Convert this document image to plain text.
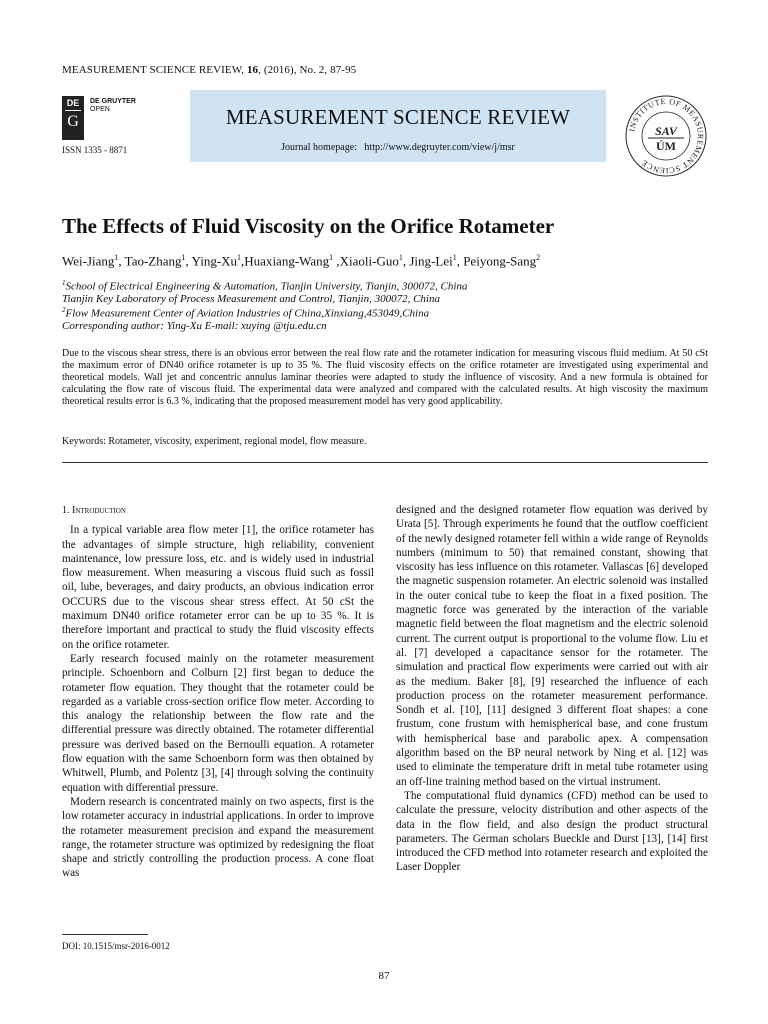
MEASUREMENT SCIENCE REVIEW, 16, (2016), No. 2, 87-95
DE
G
DE GRUYTER
OPEN
ISSN 1335 - 8871
MEASUREMENT SCIENCE REVIEW
Journal homepage: http://www.degruyter.com/view/j/msr
INSTITUTE OF MEASUREMENT SCIENCE
SAV
ÚM
The Effects of Fluid Viscosity on the Orifice Rotameter
Wei-Jiang$^1$, Tao-Zhang$^1$, Ying-Xu$^1$,Huaxiang-Wang$^1$ ,Xiaoli-Guo$^1$, Jing-Lei$^1$, Peiyong-Sang$^2$
$^1$School of Electrical Engineering & Automation, Tianjin University, Tianjin, 300072, China
Tianjin Key Laboratory of Process Measurement and Control, Tianjin, 300072, China
$^2$Flow Measurement Center of Aviation Industries of China,Xinxiang,453049,China
Corresponding author: Ying-Xu E-mail: xuying @tju.edu.cn
Due to the viscous shear stress, there is an obvious error between the real flow rate and the rotameter indication for measuring viscous fluid medium. At 50 cSt the maximum error of DN40 orifice rotameter is up to 35 %. The fluid viscosity effects on the orifice rotameter are investigated using experimental and theoretical models. Wall jet and concentric annulus laminar theories were adapted to study the influence of viscosity. And a new formula is obtained for calculating the flow rate of viscous fluid. The experimental data were analyzed and compared with the calculated results. At high viscosity the maximum theoretical results error is 6.3 %, indicating that the proposed measurement model has very good applicability.
Keywords: Rotameter, viscosity, experiment, regional model, flow measure.

1. Introduction

In a typical variable area flow meter [1], the orifice rotameter has the advantages of simple structure, high reliability, convenient maintenance, low pressure loss, etc. and is widely used in industrial flow measurement. When measuring a viscous fluid such as fossil oil, lube, beverages, and dairy products, an obvious indication error OCCURS due to the viscous shear stress effect. At 50 cSt the maximum DN40 orifice rotameter error can be up to 35 %. It is therefore important and practical to study the fluid viscosity effects on the orifice rotameter.

Early research focused mainly on the rotameter measurement principle. Schoenborn and Colburn [2] first began to deduce the rotameter flow equation. They thought that the rotameter could be regarded as a variable cross-section orifice flow meter. According to this analogy the relationship between the flow rate and the differential pressure was directly obtained. The rotameter differential pressure was derived based on the Bernoulli equation. A rotameter flow equation with the same Schoenborn form was then obtained by Whitwell, Plumb, and Polentz [3], [4] through solving the continuity equation with differential pressure.

Modern research is concentrated mainly on two aspects, first is the low rotameter accuracy in industrial applications. In order to improve the rotameter measurement precision and expand the measurement range, the rotameter structure was optimized by redesigning the float shape and strictly controlling the production process. A cone float was

designed and the designed rotameter flow equation was derived by Urata [5]. Through experiments he found that the outflow coefficient of the newly designed rotameter fell within a wide range of Reynolds numbers (minimum to 50) that remained constant, showing that viscosity has less influence on this rotameter. Vallascas [6] developed the magnetic suspension rotameter. An electric solenoid was installed in the outer conical tube to keep the float in a fixed position. The magnetic force was generated by the interaction of the variable magnetic field between the float magnetism and the electric solenoid current. The current output is proportional to the volume flow. Liu et al. [7] developed a capacitance sensor for the rotameter. The simulation and practical flow experiments were carried out with air as the medium. Baker [8], [9] researched the influence of each production process on the rotameter measurement performance. Sondh et al. [10], [11] designed 3 different float shapes: a cone frustum, cone frustum with hemispherical base, and cone frustum with hemispherical base and parabolic apex. A compensation algorithm based on the BP neural network by Ning et al. [12] was used to eliminate the temperature drift in metal tube rotameter using an off-line training method based on the virtual instrument.

The computational fluid dynamics (CFD) method can be used to calculate the pressure, velocity distribution and other aspects of the data in the flow field, and also design the product structural parameters. The German scholars Bueckle and Durst [13], [14] first introduced the CFD method into rotameter research and exploited the Laser Doppler

DOI: 10.1515/msr-2016-0012
87
